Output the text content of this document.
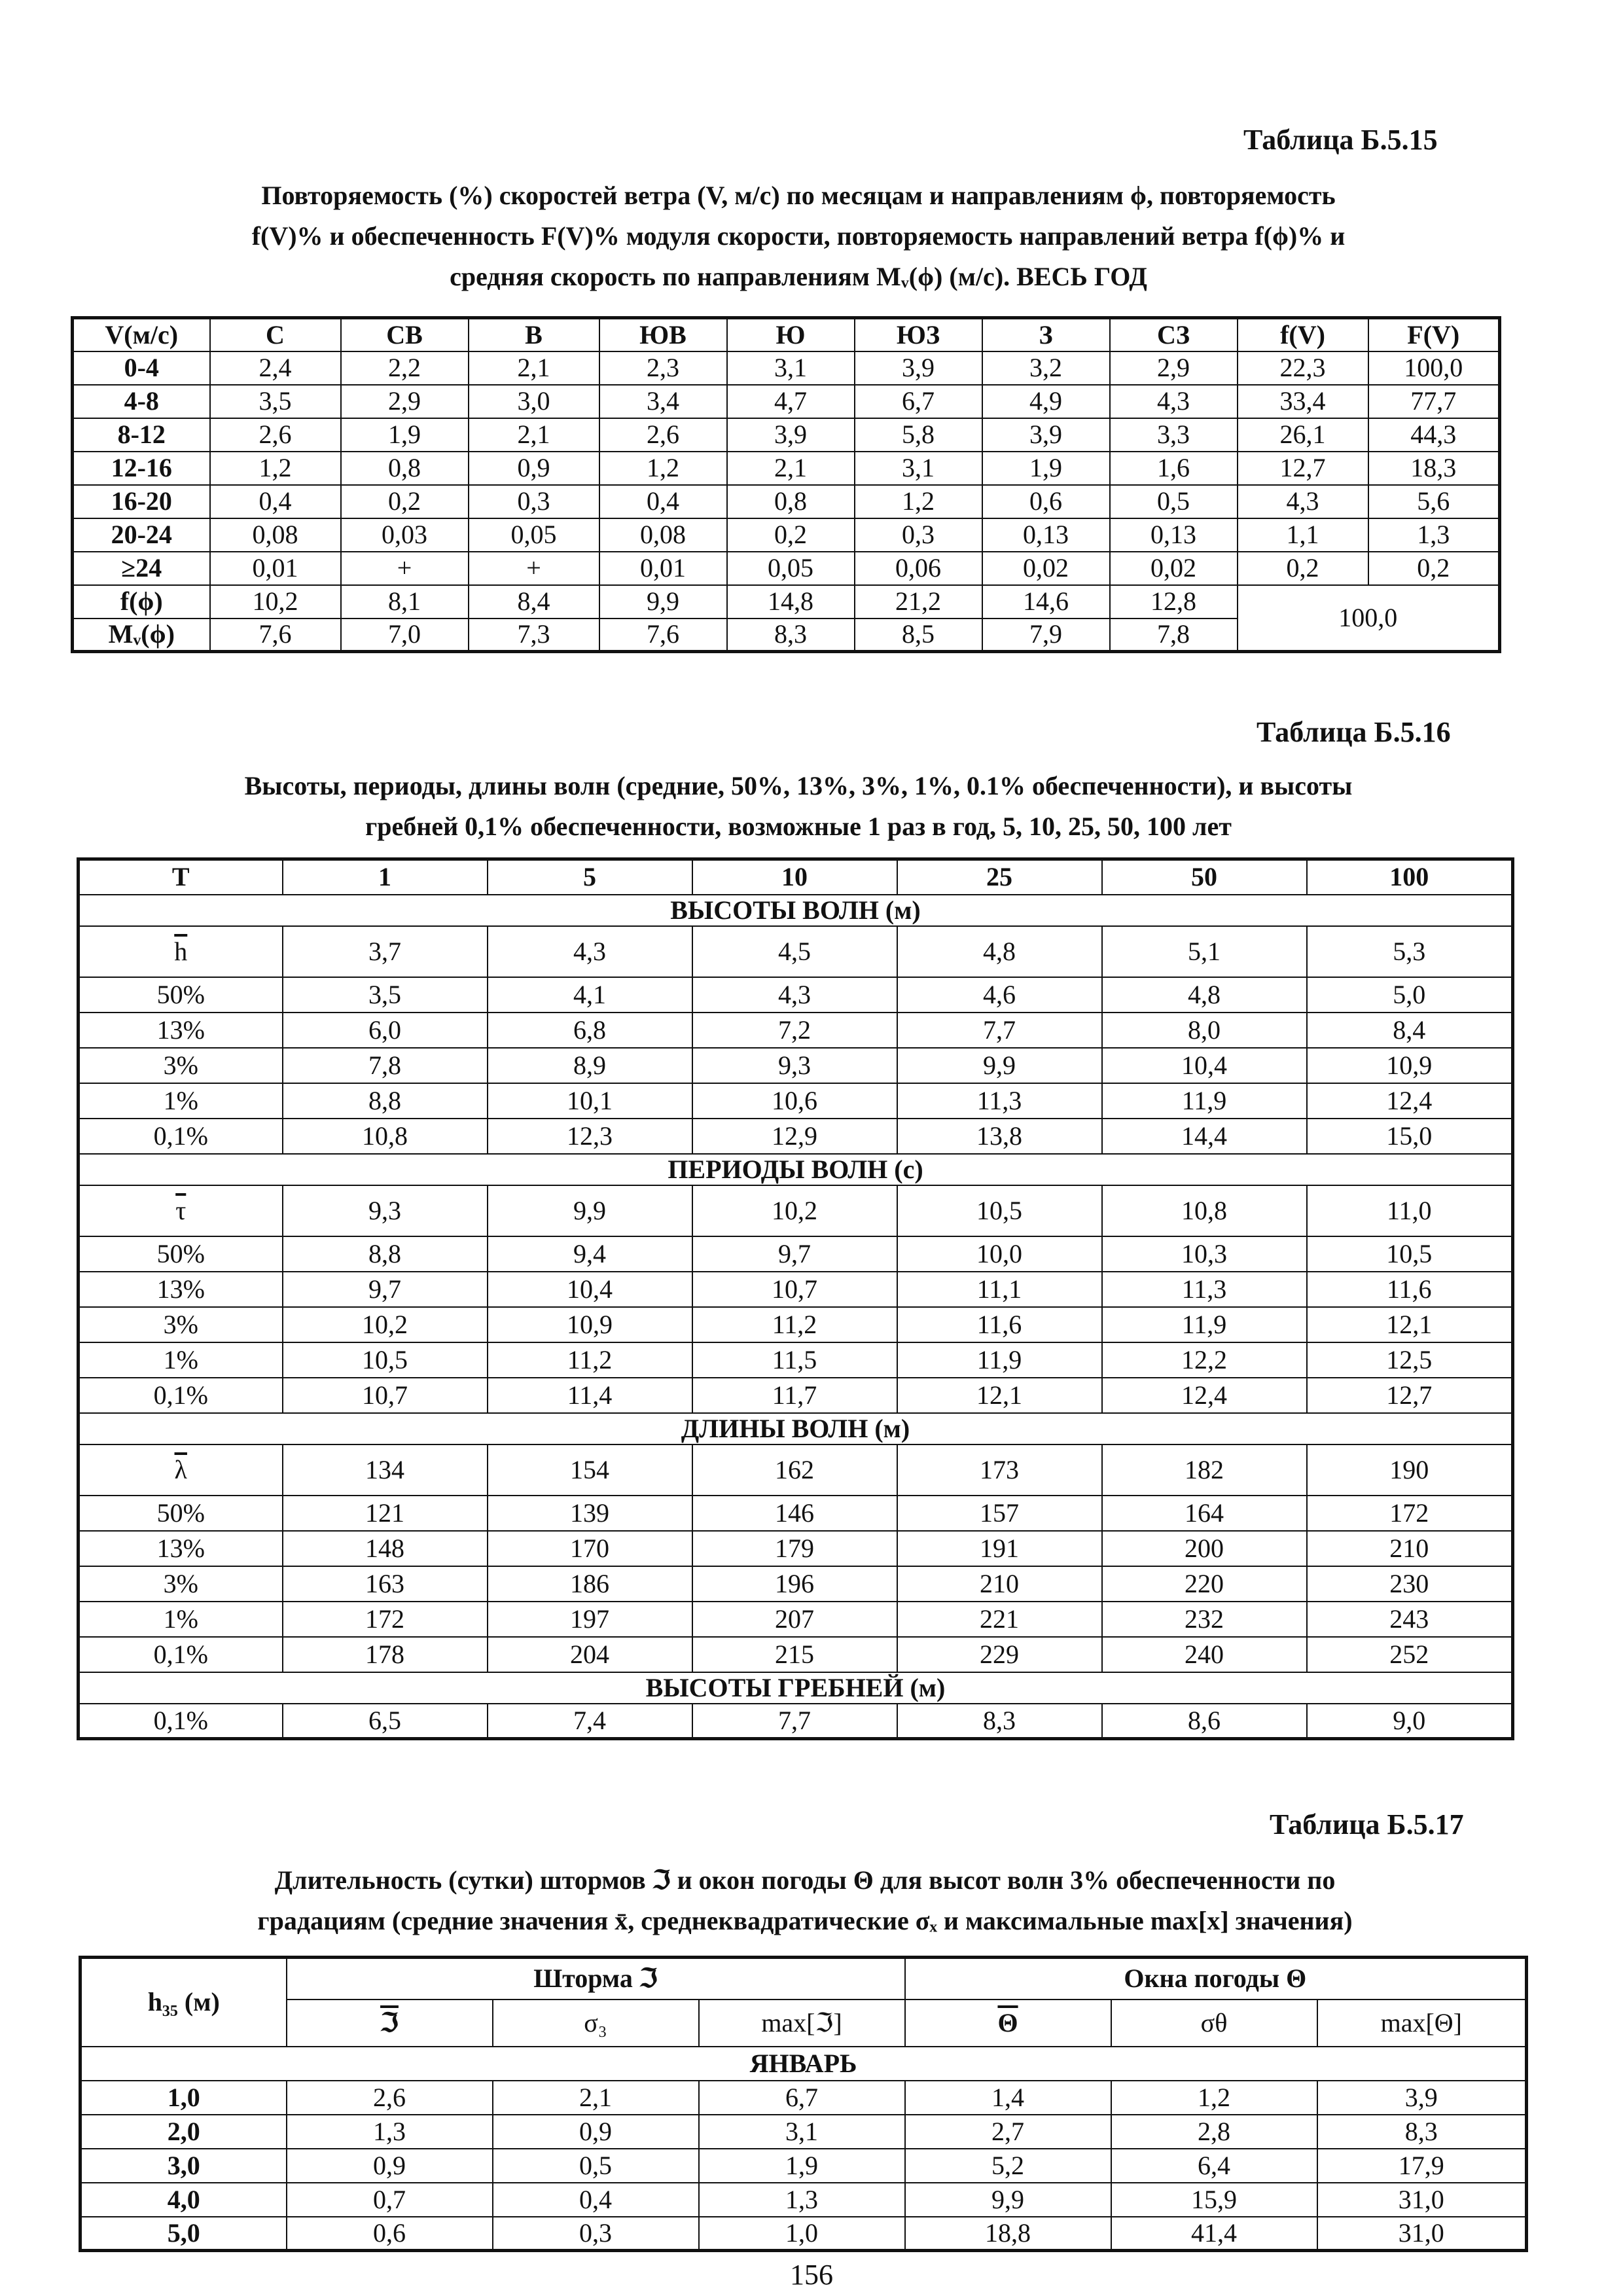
Таблица Б.5.15
Повторяемость (%) скоростей ветра (V, м/с) по месяцам и направлениям ϕ, повторяемость
f(V)% и обеспеченность F(V)% модуля скорости, повторяемость направлений ветра f(ϕ)% и
средняя скорость по направлениям Mᵥ(ϕ) (м/с). ВЕСЬ ГОД
V(м/с)	С	СВ	В	ЮВ	Ю	ЮЗ	З	СЗ	f(V)	F(V)
0-4	2,4	2,2	2,1	2,3	3,1	3,9	3,2	2,9	22,3	100,0
4-8	3,5	2,9	3,0	3,4	4,7	6,7	4,9	4,3	33,4	77,7
8-12	2,6	1,9	2,1	2,6	3,9	5,8	3,9	3,3	26,1	44,3
12-16	1,2	0,8	0,9	1,2	2,1	3,1	1,9	1,6	12,7	18,3
16-20	0,4	0,2	0,3	0,4	0,8	1,2	0,6	0,5	4,3	5,6
20-24	0,08	0,03	0,05	0,08	0,2	0,3	0,13	0,13	1,1	1,3
≥24	0,01	+	+	0,01	0,05	0,06	0,02	0,02	0,2	0,2
f(ϕ)	10,2	8,1	8,4	9,9	14,8	21,2	14,6	12,8	100,0	
Mᵥ(ϕ)	7,6	7,0	7,3	7,6	8,3	8,5	7,9	7,8		
Таблица Б.5.16
Высоты, периоды, длины волн (средние, 50%, 13%, 3%, 1%, 0.1% обеспеченности), и высоты
гребней 0,1% обеспеченности, возможные 1 раз в год, 5, 10, 25, 50, 100 лет
T	1	5	10	25	50	100
ВЫСОТЫ ВОЛН (м)						
$\overline{h}$	3,7	4,3	4,5	4,8	5,1	5,3
50%	3,5	4,1	4,3	4,6	4,8	5,0
13%	6,0	6,8	7,2	7,7	8,0	8,4
3%	7,8	8,9	9,3	9,9	10,4	10,9
1%	8,8	10,1	10,6	11,3	11,9	12,4
0,1%	10,8	12,3	12,9	13,8	14,4	15,0
ПЕРИОДЫ ВОЛН (с)						
$\overline{\tau}$	9,3	9,9	10,2	10,5	10,8	11,0
50%	8,8	9,4	9,7	10,0	10,3	10,5
13%	9,7	10,4	10,7	11,1	11,3	11,6
3%	10,2	10,9	11,2	11,6	11,9	12,1
1%	10,5	11,2	11,5	11,9	12,2	12,5
0,1%	10,7	11,4	11,7	12,1	12,4	12,7
ДЛИНЫ ВОЛН (м)						
$\overline{\lambda}$	134	154	162	173	182	190
50%	121	139	146	157	164	172
13%	148	170	179	191	200	210
3%	163	186	196	210	220	230
1%	172	197	207	221	232	243
0,1%	178	204	215	229	240	252
ВЫСОТЫ ГРЕБНЕЙ (м)						
0,1%	6,5	7,4	7,7	8,3	8,6	9,0
Таблица Б.5.17
Длительность (сутки) штормов ℑ и окон погоды Θ для высот волн 3% обеспеченности по
градациям (средние значения x̄, среднеквадратические σₓ и максимальные max[x] значения)
h₃₅ (м)	Шторма ℑ			Окна погоды Θ		
	ℑ	σ₃	max[ℑ]	$\overline{\Theta}$	σθ	max[Θ]
ЯНВАРЬ						
1,0	2,6	2,1	6,7	1,4	1,2	3,9
2,0	1,3	0,9	3,1	2,7	2,8	8,3
3,0	0,9	0,5	1,9	5,2	6,4	17,9
4,0	0,7	0,4	1,3	9,9	15,9	31,0
5,0	0,6	0,3	1,0	18,8	41,4	31,0
156
